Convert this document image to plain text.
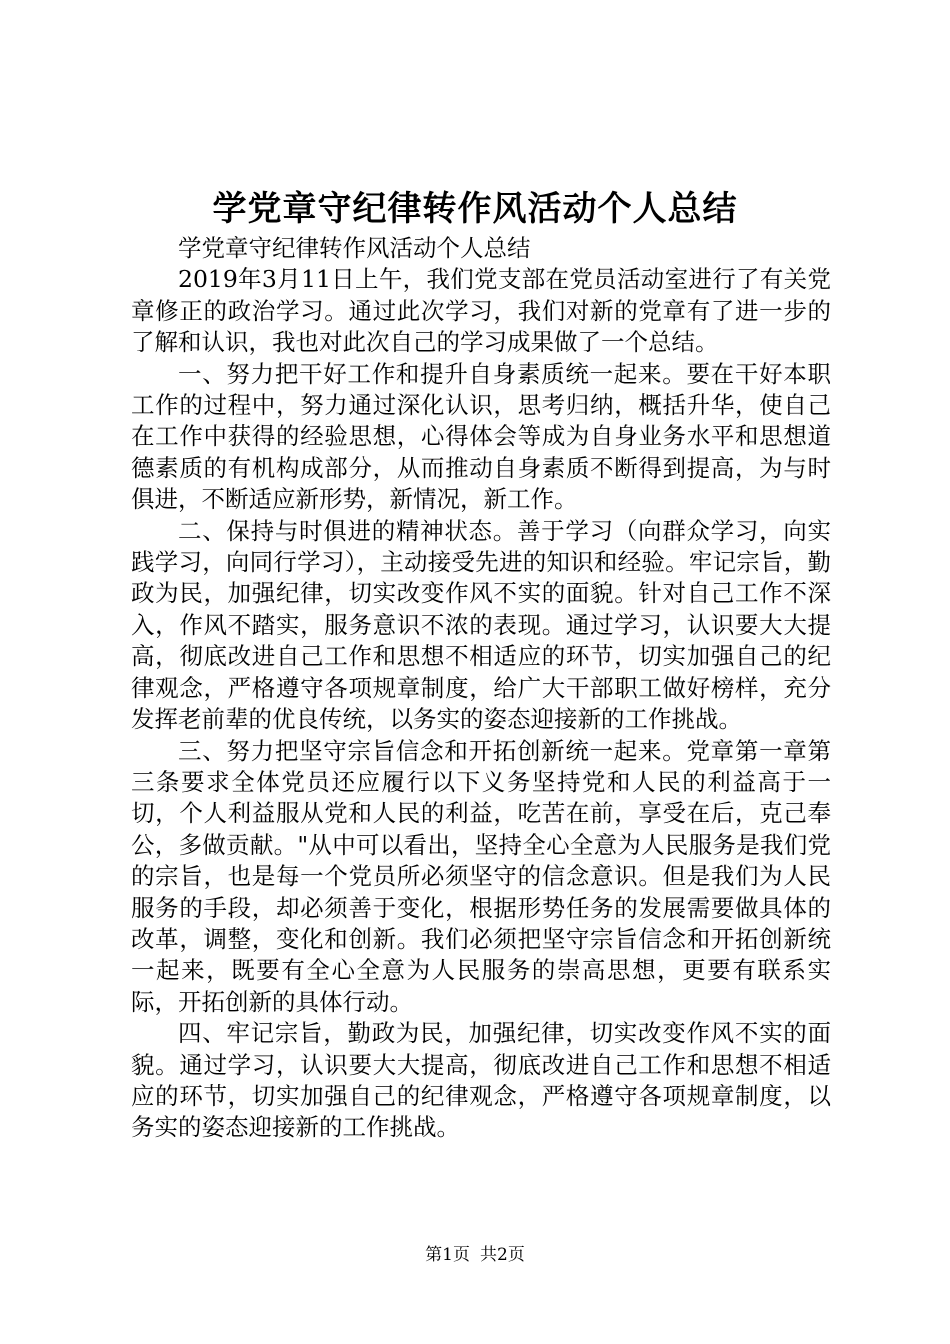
学党章守纪律转作风活动个人总结

学党章守纪律转作风活动个人总结

2019年3月11日上午，我们党支部在党员活动室进行了有关党章修正的政治学习。通过此次学习，我们对新的党章有了进一步的了解和认识，我也对此次自己的学习成果做了一个总结。

一、努力把干好工作和提升自身素质统一起来。要在干好本职工作的过程中，努力通过深化认识，思考归纳，概括升华，使自己在工作中获得的经验思想，心得体会等成为自身业务水平和思想道德素质的有机构成部分，从而推动自身素质不断得到提高，为与时俱进，不断适应新形势，新情况，新工作。

二、保持与时俱进的精神状态。善于学习（向群众学习，向实践学习，向同行学习），主动接受先进的知识和经验。牢记宗旨，勤政为民，加强纪律，切实改变作风不实的面貌。针对自己工作不深入，作风不踏实，服务意识不浓的表现。通过学习，认识要大大提高，彻底改进自己工作和思想不相适应的环节，切实加强自己的纪律观念，严格遵守各项规章制度，给广大干部职工做好榜样，充分发挥老前辈的优良传统，以务实的姿态迎接新的工作挑战。

三、努力把坚守宗旨信念和开拓创新统一起来。党章第一章第三条要求全体党员还应履行以下义务坚持党和人民的利益高于一切，个人利益服从党和人民的利益，吃苦在前，享受在后，克己奉公，多做贡献。"从中可以看出，坚持全心全意为人民服务是我们党的宗旨，也是每一个党员所必须坚守的信念意识。但是我们为人民服务的手段，却必须善于变化，根据形势任务的发展需要做具体的改革，调整，变化和创新。我们必须把坚守宗旨信念和开拓创新统一起来，既要有全心全意为人民服务的崇高思想，更要有联系实际，开拓创新的具体行动。

四、牢记宗旨，勤政为民，加强纪律，切实改变作风不实的面貌。通过学习，认识要大大提高，彻底改进自己工作和思想不相适应的环节，切实加强自己的纪律观念，严格遵守各项规章制度，以务实的姿态迎接新的工作挑战。

第1页 共2页
